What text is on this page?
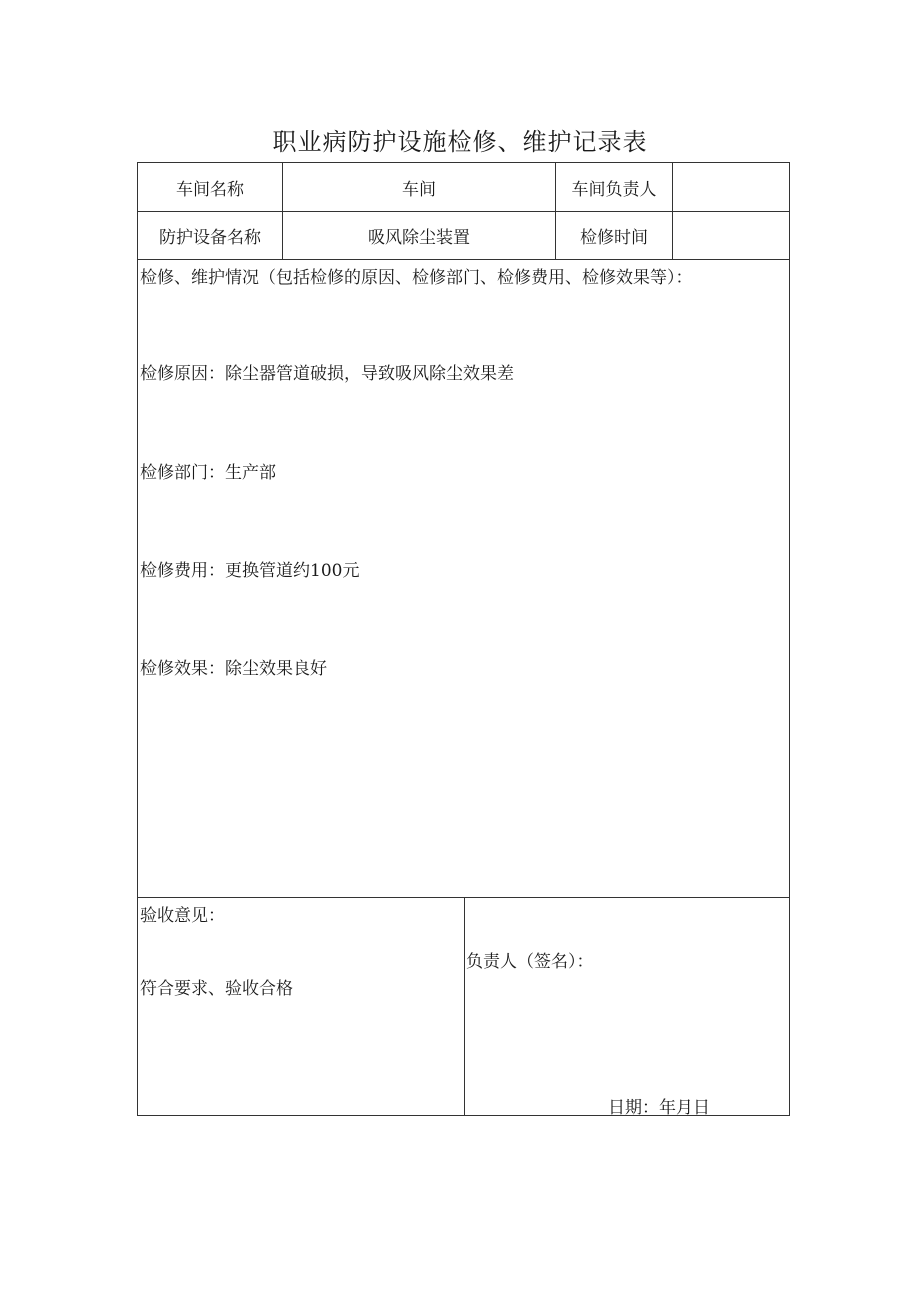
职业病防护设施检修、维护记录表
车间名称	车间	车间负责人
防护设备名称	吸风除尘装置	检修时间
检修、维护情况（包括检修的原因、检修部门、检修费用、检修效果等）：
检修原因：除尘器管道破损，导致吸风除尘效果差
检修部门：生产部
检修费用：更换管道约100元
检修效果：除尘效果良好
验收意见：
符合要求、验收合格
负责人（签名）：
日期：年月日
